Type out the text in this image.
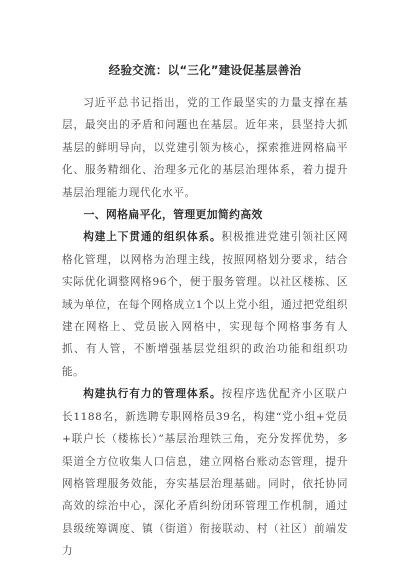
经验交流：以“三化”建设促基层善治

习近平总书记指出，党的工作最坚实的力量支撑在基层，最突出的矛盾和问题也在基层。近年来，县坚持大抓基层的鲜明导向，以党建引领为核心，探索推进网格扁平化、服务精细化、治理多元化的基层治理体系，着力提升基层治理能力现代化水平。

一、网格扁平化，管理更加简约高效

构建上下贯通的组织体系。积极推进党建引领社区网格化管理，以网格为治理主线，按照网格划分要求，结合实际优化调整网格96个，便于服务管理。以社区楼栋、区域为单位，在每个网格成立1个以上党小组，通过把党组织建在网格上、党员嵌入网格中，实现每个网格事务有人抓、有人管，不断增强基层党组织的政治功能和组织功能。

构建执行有力的管理体系。按程序选优配齐小区联户长1188名，新选聘专职网格员39名，构建“党小组+党员+联户长（楼栋长）”基层治理铁三角，充分发挥优势，多渠道全方位收集人口信息，建立网格台账动态管理，提升网格管理服务效能，夯实基层治理基础。同时，依托协同高效的综治中心，深化矛盾纠纷闭环管理工作机制，通过县级统筹调度、镇（街道）衔接联动、村（社区）前端发力
